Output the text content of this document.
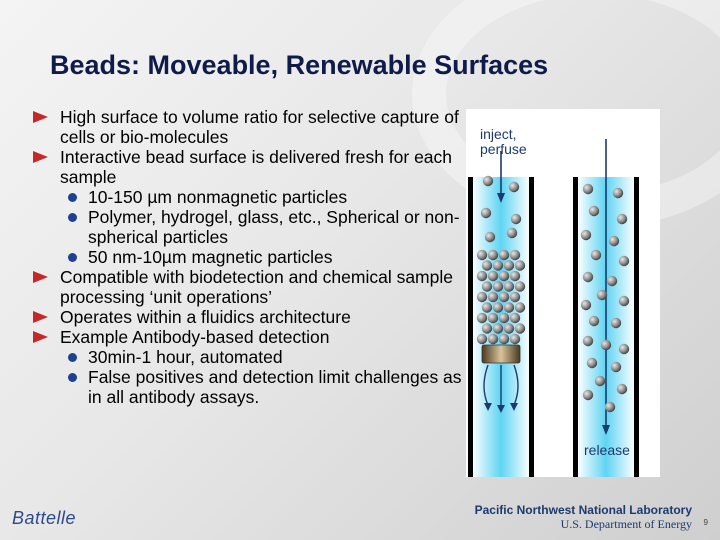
Beads: Moveable, Renewable Surfaces
High surface to volume ratio for selective capture of cells or bio-molecules
Interactive bead surface is delivered fresh for each sample
10-150 µm nonmagnetic particles
Polymer, hydrogel, glass, etc., Spherical or non-spherical particles
50 nm-10µm magnetic particles
Compatible with biodetection and chemical sample processing ‘unit operations’
Operates within a fluidics architecture
Example Antibody-based detection
30min-1 hour, automated
False positives and detection limit challenges as in all antibody assays.
inject,
perfuse
release
Battelle	Pacific Northwest National Laboratory
U.S. Department of Energy 9
